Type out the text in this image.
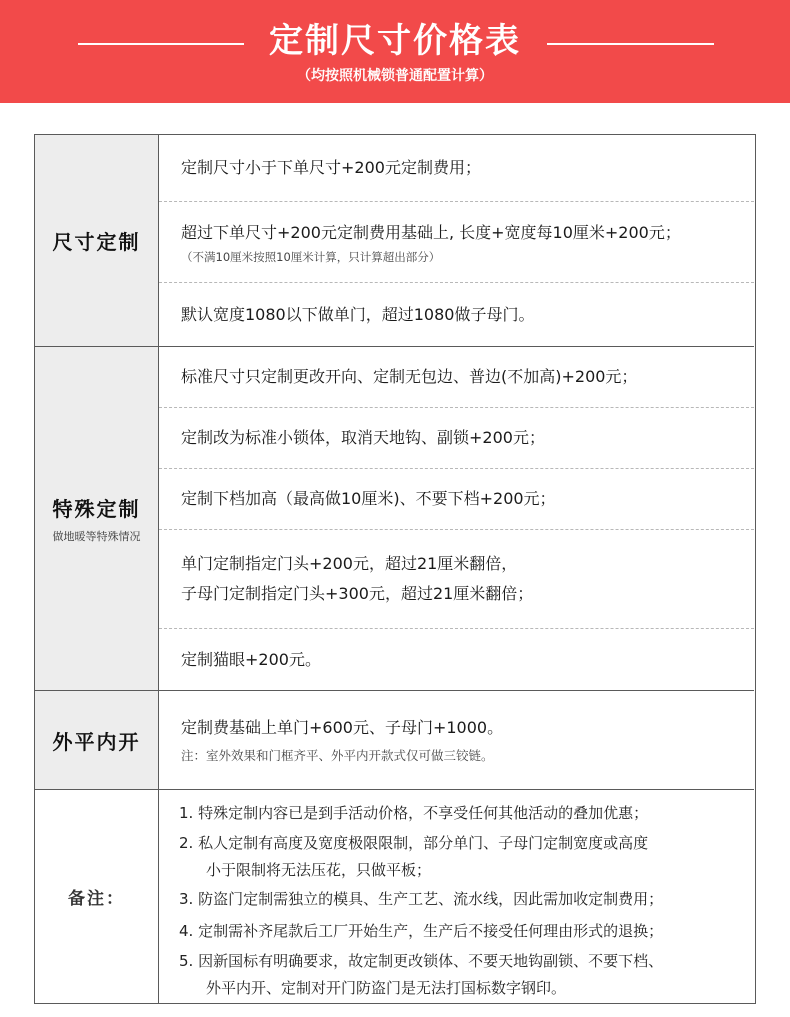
定制尺寸价格表
（均按照机械锁普通配置计算）
尺寸定制
定制尺寸小于下单尺寸+200元定制费用；
超过下单尺寸+200元定制费用基础上, 长度+宽度每10厘米+200元；
（不满10厘米按照10厘米计算，只计算超出部分）
默认宽度1080以下做单门，超过1080做子母门。
特殊定制
做地暖等特殊情况
标准尺寸只定制更改开向、定制无包边、普边(不加高)+200元；
定制改为标准小锁体，取消天地钩、副锁+200元；
定制下档加高（最高做10厘米)、不要下档+200元；
单门定制指定门头+200元，超过21厘米翻倍，
子母门定制指定门头+300元，超过21厘米翻倍；
定制猫眼+200元。
外平内开
定制费基础上单门+600元、子母门+1000。
注：室外效果和门框齐平、外平内开款式仅可做三铰链。
备注：
1. 特殊定制内容已是到手活动价格，不享受任何其他活动的叠加优惠；
2. 私人定制有高度及宽度极限限制，部分单门、子母门定制宽度或高度
小于限制将无法压花，只做平板；
3. 防盗门定制需独立的模具、生产工艺、流水线，因此需加收定制费用；
4. 定制需补齐尾款后工厂开始生产，生产后不接受任何理由形式的退换；
5. 因新国标有明确要求，故定制更改锁体、不要天地钩副锁、不要下档、
外平内开、定制对开门防盗门是无法打国标数字钢印。
